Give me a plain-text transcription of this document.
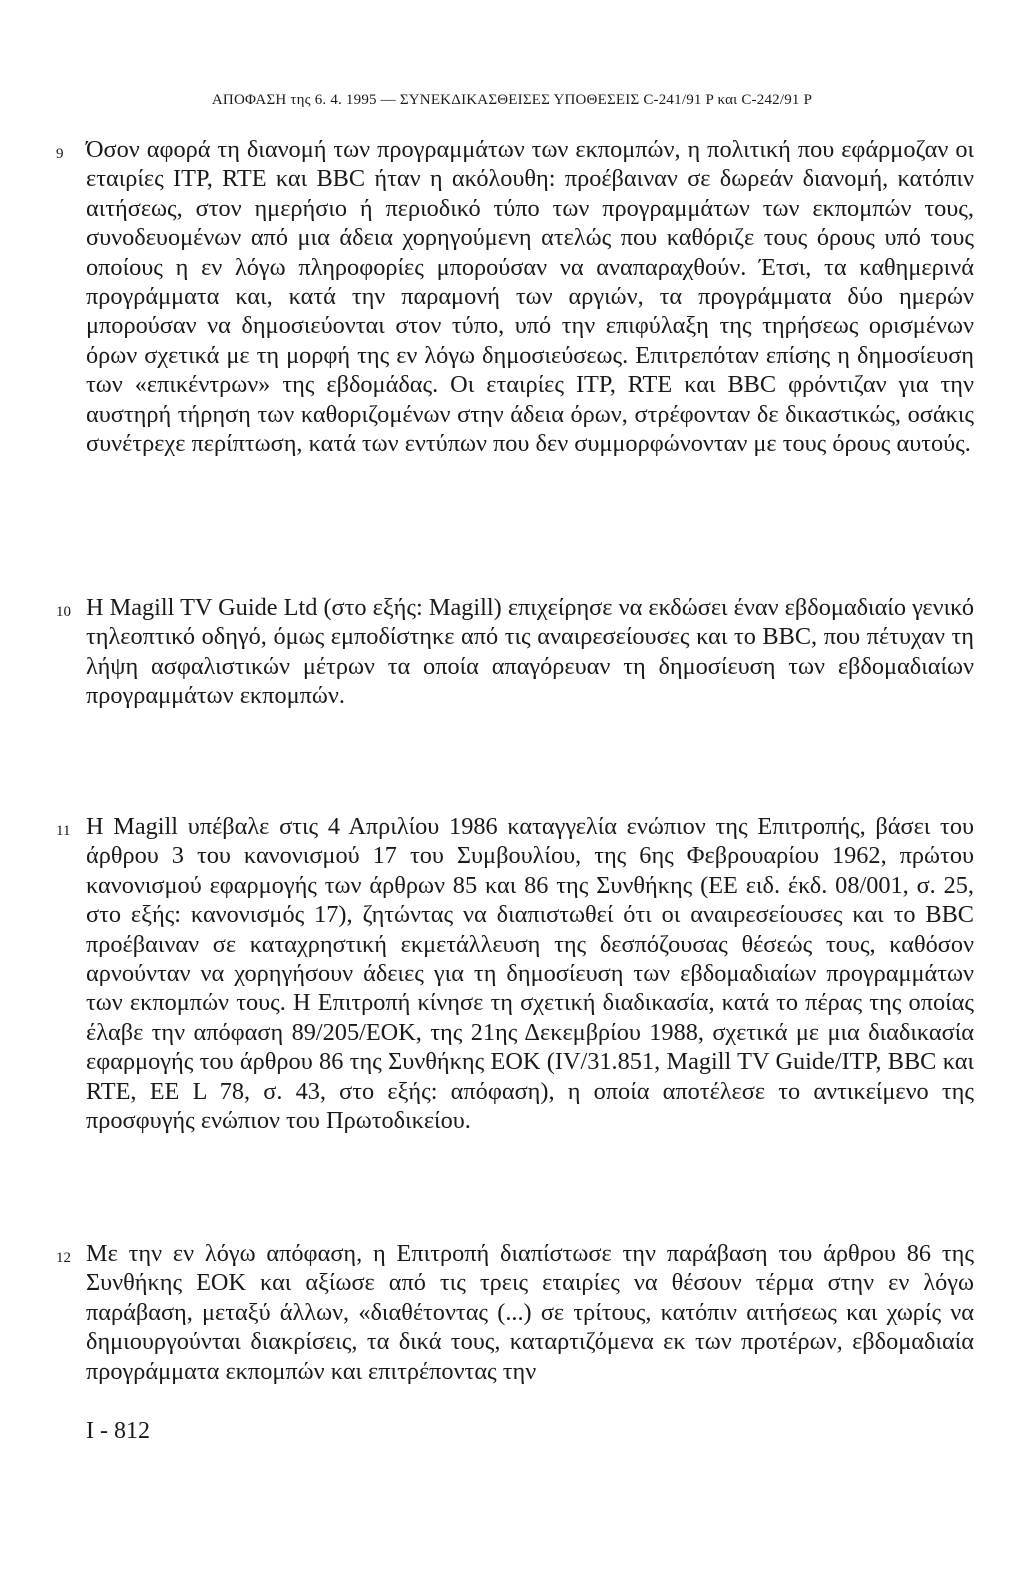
ΑΠΟΦΑΣΗ της 6. 4. 1995 — ΣΥΝΕΚΔΙΚΑΣΘΕΙΣΕΣ ΥΠΟΘΕΣΕΙΣ C-241/91 P και C-242/91 P
9 Όσον αφορά τη διανομή των προγραμμάτων των εκπομπών, η πολιτική που εφάρμοζαν οι εταιρίες ITP, RTE και BBC ήταν η ακόλουθη: προέβαιναν σε δωρεάν διανομή, κατόπιν αιτήσεως, στον ημερήσιο ή περιοδικό τύπο των προγραμμάτων των εκπομπών τους, συνοδευομένων από μια άδεια χορηγούμενη ατελώς που καθόριζε τους όρους υπό τους οποίους η εν λόγω πληροφορίες μπορούσαν να αναπαραχθούν. Έτσι, τα καθημερινά προγράμματα και, κατά την παραμονή των αργιών, τα προγράμματα δύο ημερών μπορούσαν να δημοσιεύονται στον τύπο, υπό την επιφύλαξη της τηρήσεως ορισμένων όρων σχετικά με τη μορφή της εν λόγω δημοσιεύσεως. Επιτρεπόταν επίσης η δημοσίευση των «επικέντρων» της εβδομάδας. Οι εταιρίες ITP, RTE και BBC φρόντιζαν για την αυστηρή τήρηση των καθοριζομένων στην άδεια όρων, στρέφονταν δε δικαστικώς, οσάκις συνέτρεχε περίπτωση, κατά των εντύπων που δεν συμμορφώνονταν με τους όρους αυτούς.
10 Η Magill TV Guide Ltd (στο εξής: Magill) επιχείρησε να εκδώσει έναν εβδομαδιαίο γενικό τηλεοπτικό οδηγό, όμως εμποδίστηκε από τις αναιρεσείουσες και το BBC, που πέτυχαν τη λήψη ασφαλιστικών μέτρων τα οποία απαγόρευαν τη δημοσίευση των εβδομαδιαίων προγραμμάτων εκπομπών.
11 Η Magill υπέβαλε στις 4 Απριλίου 1986 καταγγελία ενώπιον της Επιτροπής, βάσει του άρθρου 3 του κανονισμού 17 του Συμβουλίου, της 6ης Φεβρουαρίου 1962, πρώτου κανονισμού εφαρμογής των άρθρων 85 και 86 της Συνθήκης (ΕΕ ειδ. έκδ. 08/001, σ. 25, στο εξής: κανονισμός 17), ζητώντας να διαπιστωθεί ότι οι αναιρεσείουσες και το BBC προέβαιναν σε καταχρηστική εκμετάλλευση της δεσπόζουσας θέσεώς τους, καθόσον αρνούνταν να χορηγήσουν άδειες για τη δημοσίευση των εβδομαδιαίων προγραμμάτων των εκπομπών τους. Η Επιτροπή κίνησε τη σχετική διαδικασία, κατά το πέρας της οποίας έλαβε την απόφαση 89/205/ΕΟΚ, της 21ης Δεκεμβρίου 1988, σχετικά με μια διαδικασία εφαρμογής του άρθρου 86 της Συνθήκης ΕΟΚ (IV/31.851, Magill TV Guide/ITP, BBC και RTE, ΕΕ L 78, σ. 43, στο εξής: απόφαση), η οποία αποτέλεσε το αντικείμενο της προσφυγής ενώπιον του Πρωτοδικείου.
12 Με την εν λόγω απόφαση, η Επιτροπή διαπίστωσε την παράβαση του άρθρου 86 της Συνθήκης ΕΟΚ και αξίωσε από τις τρεις εταιρίες να θέσουν τέρμα στην εν λόγω παράβαση, μεταξύ άλλων, «διαθέτοντας (...) σε τρίτους, κατόπιν αιτήσεως και χωρίς να δημιουργούνται διακρίσεις, τα δικά τους, καταρτιζόμενα εκ των προτέρων, εβδομαδιαία προγράμματα εκπομπών και επιτρέποντας την
I - 812
